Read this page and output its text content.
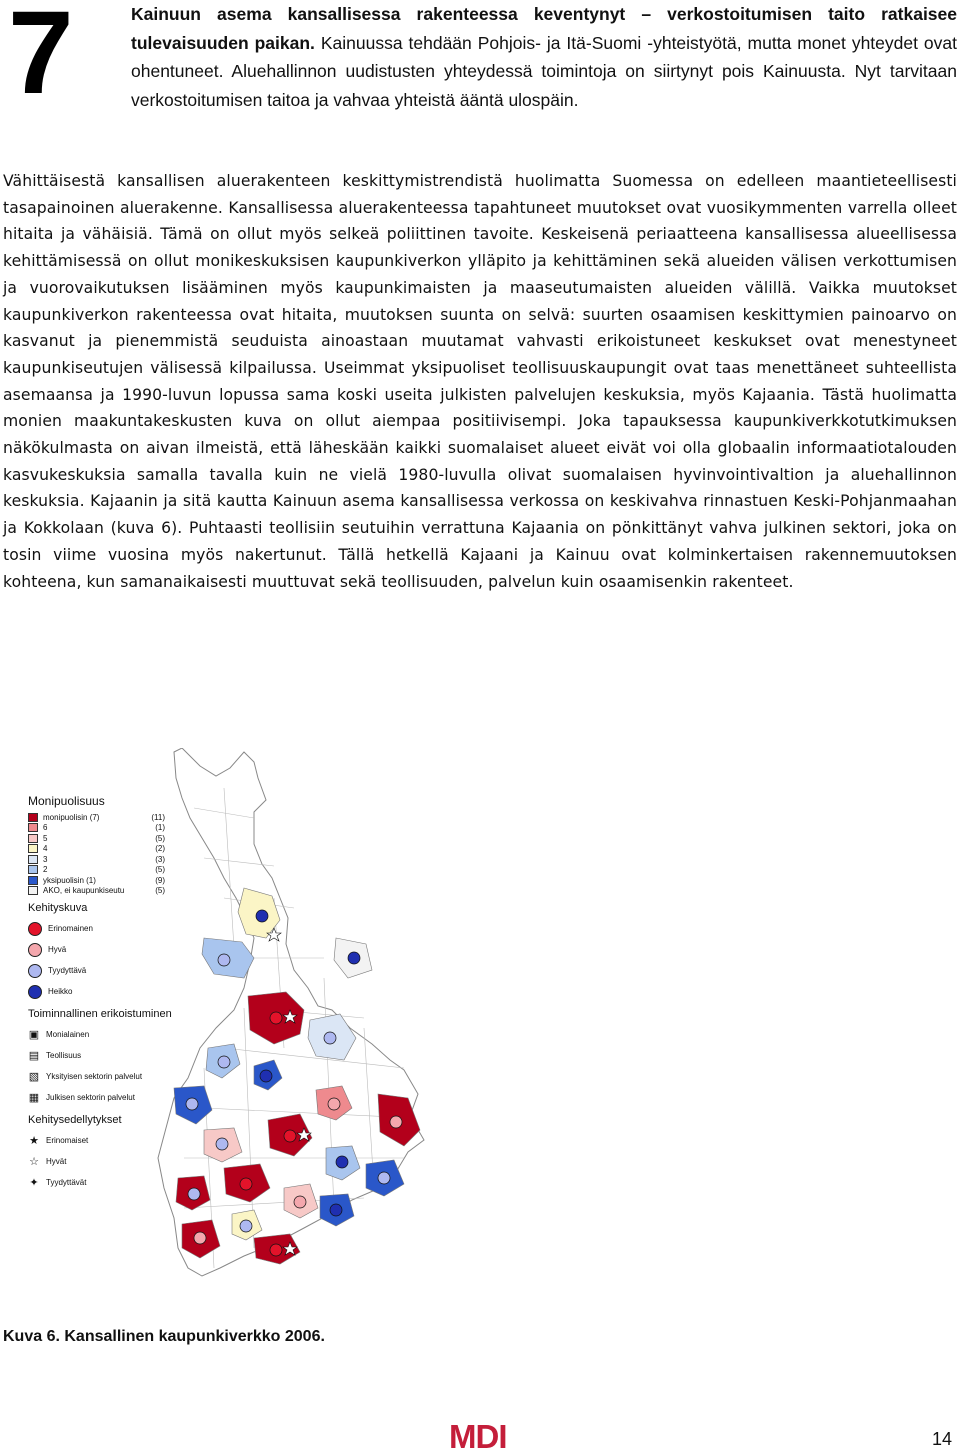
7	Kainuun asema kansallisessa rakenteessa keventynyt – verkostoitumisen taito ratkaisee tulevaisuuden paikan. Kainuussa tehdään Pohjois- ja Itä-Suomi -yhteistyötä, mutta monet yhteydet ovat ohentuneet. Aluehallinnon uudistusten yhteydessä toimintoja on siirtynyt pois Kainuusta. Nyt tarvitaan verkostoitumisen taitoa ja vahvaa yhteistä ääntä ulospäin.
Vähittäisestä kansallisen aluerakenteen keskittymistrendistä huolimatta Suomessa on edelleen maantieteellisesti tasapainoinen aluerakenne. Kansallisessa aluerakenteessa tapahtuneet muutokset ovat vuosikymmenten varrella olleet hitaita ja vähäisiä. Tämä on ollut myös selkeä poliittinen tavoite. Keskeisenä periaatteena kansallisessa alueellisessa kehittämisessä on ollut monikeskuksisen kaupunkiverkon ylläpito ja kehittäminen sekä alueiden välisen verkottumisen ja vuorovaikutuksen lisääminen myös kaupunkimaisten ja maaseutumaisten alueiden välillä. Vaikka muutokset kaupunkiverkon rakenteessa ovat hitaita, muutoksen suunta on selvä: suurten osaamisen keskittymien painoarvo on kasvanut ja pienemmistä seuduista ainoastaan muutamat vahvasti erikoistuneet keskukset ovat menestyneet kaupunkiseutujen välisessä kilpailussa. Useimmat yksipuoliset teollisuuskaupungit ovat taas menettäneet suhteellista asemaansa ja 1990-luvun lopussa sama koski useita julkisten palvelujen keskuksia, myös Kajaania. Tästä huolimatta monien maakuntakeskusten kuva on ollut aiempaa positiivisempi. Joka tapauksessa kaupunkiverkkotutkimuksen näkökulmasta on aivan ilmeistä, että läheskään kaikki suomalaiset alueet eivät voi olla globaalin informaatiotalouden kasvukeskuksia samalla tavalla kuin ne vielä 1980-luvulla olivat suomalaisen hyvinvointivaltion ja aluehallinnon keskuksia. Kajaanin ja sitä kautta Kainuun asema kansallisessa verkossa on keskivahva rinnastuen Keski-Pohjanmaahan ja Kokkolaan (kuva 6). Puhtaasti teollisiin seutuihin verrattuna Kajaania on pönkittänyt vahva julkinen sektori, joka on tosin viime vuosina myös nakertunut. Tällä hetkellä Kajaani ja Kainuu ovat kolminkertaisen rakennemuutoksen kohteena, kun samanaikaisesti muuttuvat sekä teollisuuden, palvelun kuin osaamisenkin rakenteet.
Monipuolisuus
monipuolisin (7)	(11)
6	(1)
5	(5)
4	(2)
3	(3)
2	(5)
yksipuolisin (1)	(9)
AKO, ei kaupunkiseutu	(5)
Kehityskuva
Erinomainen
Hyvä
Tyydyttävä
Heikko
Toiminnallinen erikoistuminen
▣ Monialainen
▤ Teollisuus
▧ Yksityisen sektorin palvelut
▦ Julkisen sektorin palvelut
Kehitysedellytykset
★ Erinomaiset
☆ Hyvät
✦ Tyydyttävät
Kuva 6. Kansallinen kaupunkiverkko 2006.
MDI	14
